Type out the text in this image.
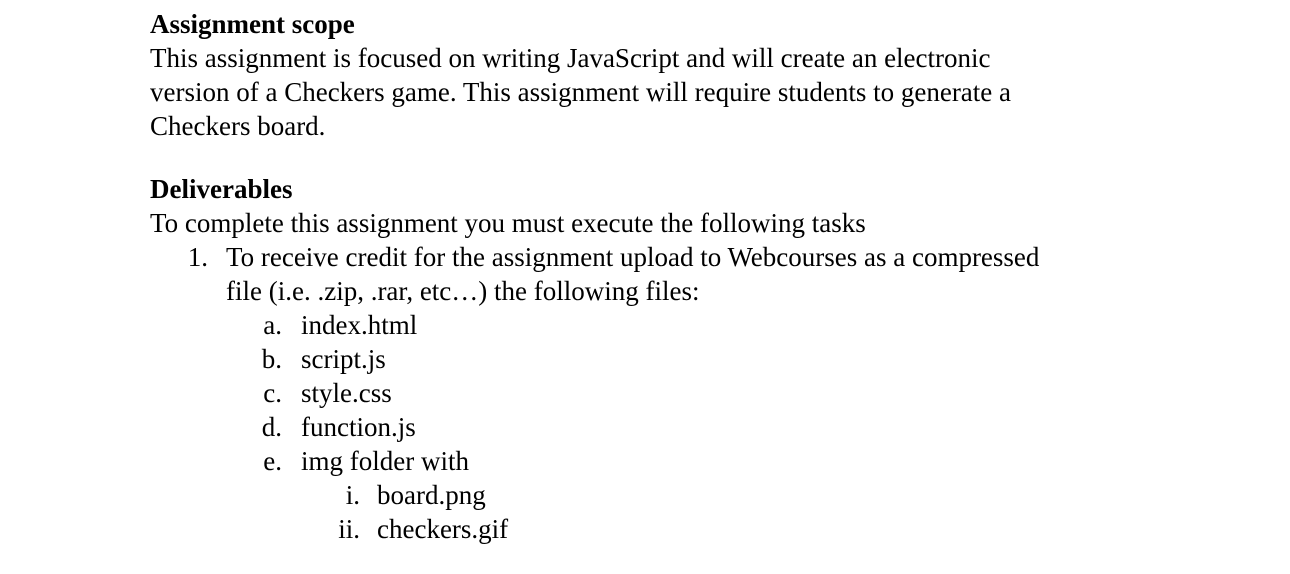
Assignment scope

This assignment is focused on writing JavaScript and will create an electronic

version of a Checkers game. This assignment will require students to generate a

Checkers board.

Deliverables

To complete this assignment you must execute the following tasks

1. To receive credit for the assignment upload to Webcourses as a compressed

file (i.e. .zip, .rar, etc…) the following files:

a. index.html
b. script.js
c. style.css
d. function.js
e. img folder with
i. board.png
ii. checkers.gif
